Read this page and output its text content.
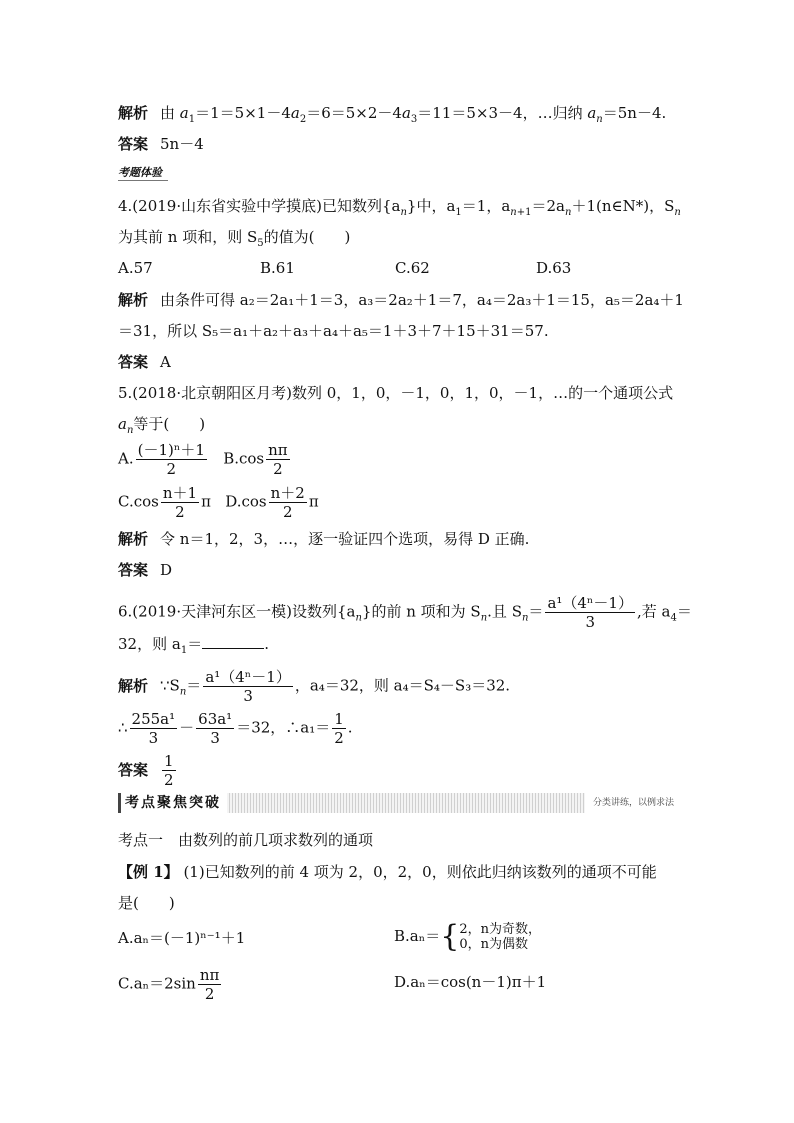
解析 由 $a_1=1=5\times 1-4a_2=6=5\times 2-4a_3=11=5\times 3-4$，…归纳 $a_n=5n-4$.
答案 5n－4
考题体验
4.(2019·山东省实验中学摸底)已知数列$\{a_n\}$中，$a_1=1$，$a_{n+1}=2a_n+1(n\in N*)$，$S_n$
为其前 n 项和，则 $S_5$的值为(　　)
A.57	B.61	C.62	D.63
解析 由条件可得 a₂＝2a₁＋1＝3，a₃＝2a₂＋1＝7，a₄＝2a₃＋1＝15，a₅＝2a₄＋1
＝31，所以 S₅＝a₁＋a₂＋a₃＋a₄＋a₅＝1＋3＋7＋15＋31＝57.
答案 A
5.(2018·北京朝阳区月考)数列 0，1，0，－1，0，1，0，－1，…的一个通项公式
$a_n$等于(　　)
A. $\frac{\text{(－1)ⁿ＋1}}{2} B.\cos \frac{n\pi}{2}$
$C.\cos \frac{n+1}{2}$ π $D.\cos \frac{n+2}{2}$ π
解析 令 n＝1，2，3，…，逐一验证四个选项，易得 D 正确.
答案 D
6.(2019·天津河东区一模)设数列$\{a_n\}$的前 n 项和为 $S_n$.且 $S_n= \frac{\text{a¹（4ⁿ－1）}}{3}$ ,若 $a_4=$
32，则 $a_1=$	.
解析 $\because S_n= \frac{\text{a¹（4ⁿ－1）}}{3}$ ，a₄＝32，则 a₄＝S₄－S₃＝32.
∴ $\frac{\text{255a¹}}{3} - \frac{\text{63a¹}}{3} =32$，∴a₁＝ $\frac{1}{2}$ .
答案 $\frac{1}{2}$
考点聚焦突破	分类讲练，以例求法
考点一　由数列的前几项求数列的通项
【例 1】 (1)已知数列的前 4 项为 2，0，2，0，则依此归纳该数列的通项不可能
是(　　)
A.aₙ＝(－1)ⁿ⁻¹＋1	B.aₙ＝{ 2，n为奇数，
0，n为偶数
$C.a_n=2\sin \frac{n\pi}{2}$	D.aₙ＝cos(n－1)π＋1
